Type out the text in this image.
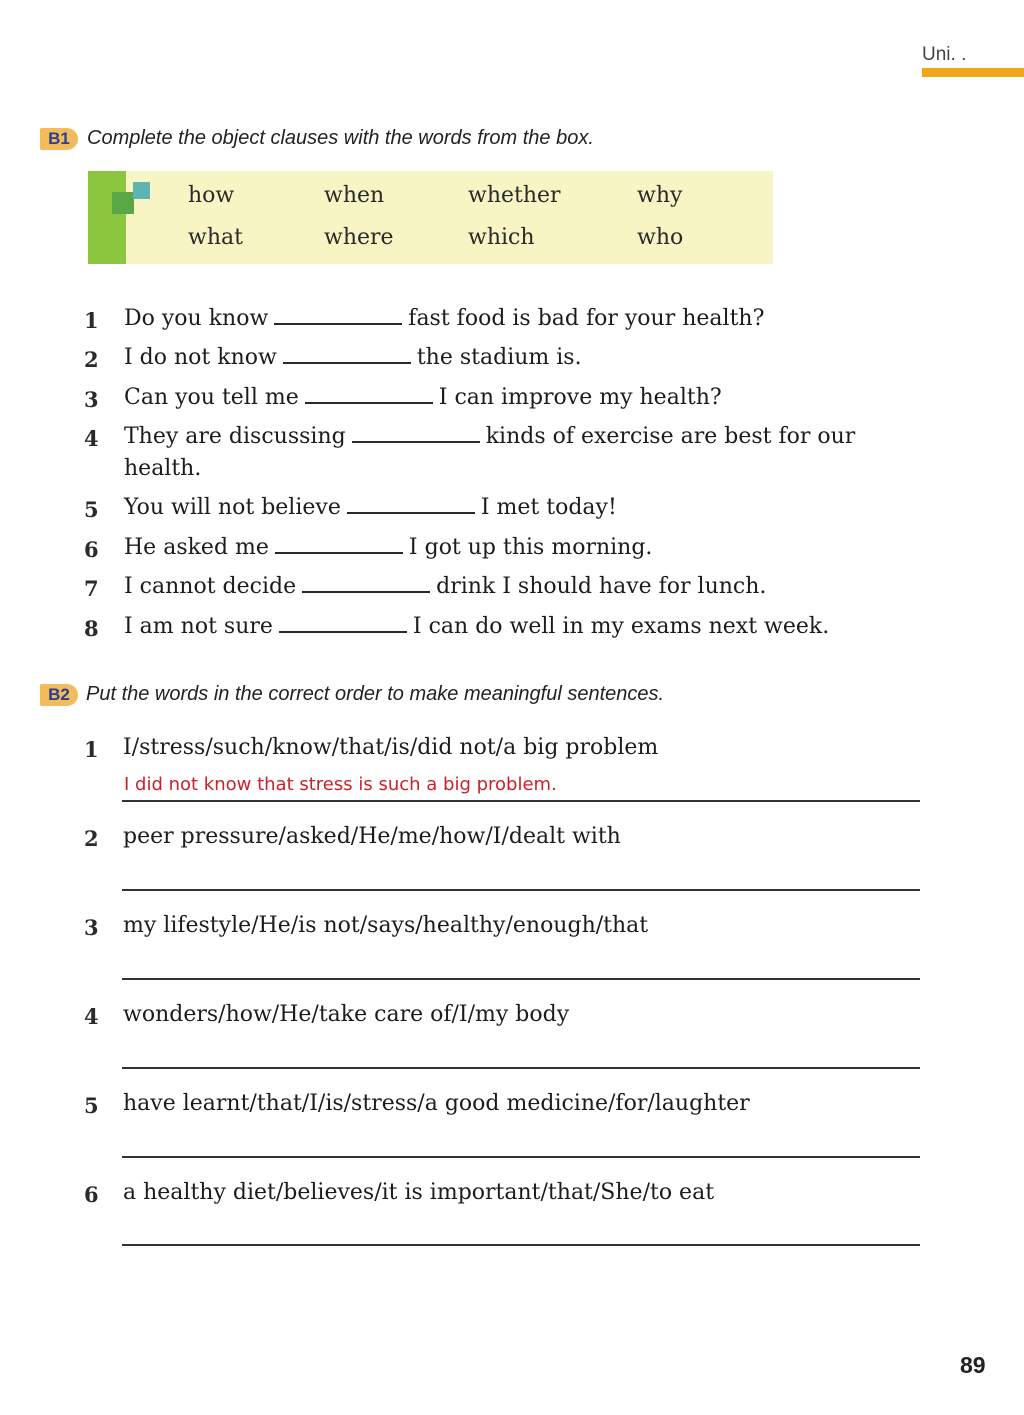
Uni. .
B1 Complete the object clauses with the words from the box.
how	when	whether	why
what	where	which	who
1 Do you know	fast food is bad for your health?
2 I do not know	the stadium is.
3 Can you tell me	I can improve my health?
4 They are discussing	kinds of exercise are best for our
health.
5 You will not believe	I met today!
6 He asked me	I got up this morning.
7 I cannot decide	drink I should have for lunch.
8 I am not sure	I can do well in my exams next week.
B2 Put the words in the correct order to make meaningful sentences.
1 I/stress/such/know/that/is/did not/a big problem
I did not know that stress is such a big problem.
2 peer pressure/asked/He/me/how/I/dealt with
3 my lifestyle/He/is not/says/healthy/enough/that
4 wonders/how/He/take care of/I/my body
5 have learnt/that/I/is/stress/a good medicine/for/laughter
6 a healthy diet/believes/it is important/that/She/to eat
89
